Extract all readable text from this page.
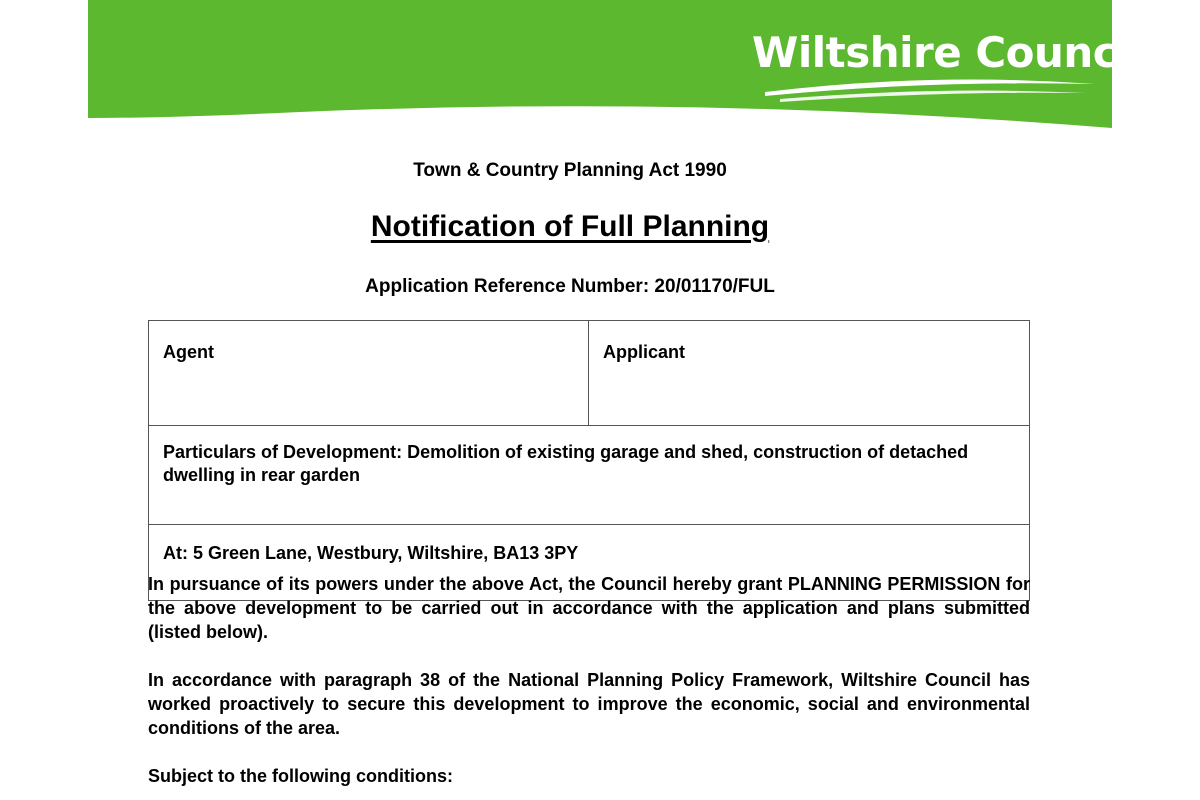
Wiltshire Council
Town & Country Planning Act 1990
Notification of Full Planning
Application Reference Number: 20/01170/FUL
Agent	Applicant
Particulars of Development: Demolition of existing garage and shed, construction of detached dwelling in rear garden
At: 5 Green Lane, Westbury, Wiltshire, BA13 3PY

In pursuance of its powers under the above Act, the Council hereby grant PLANNING PERMISSION for the above development to be carried out in accordance with the application and plans submitted (listed below).

In accordance with paragraph 38 of the National Planning Policy Framework, Wiltshire Council has worked proactively to secure this development to improve the economic, social and environmental conditions of the area.

Subject to the following conditions:
